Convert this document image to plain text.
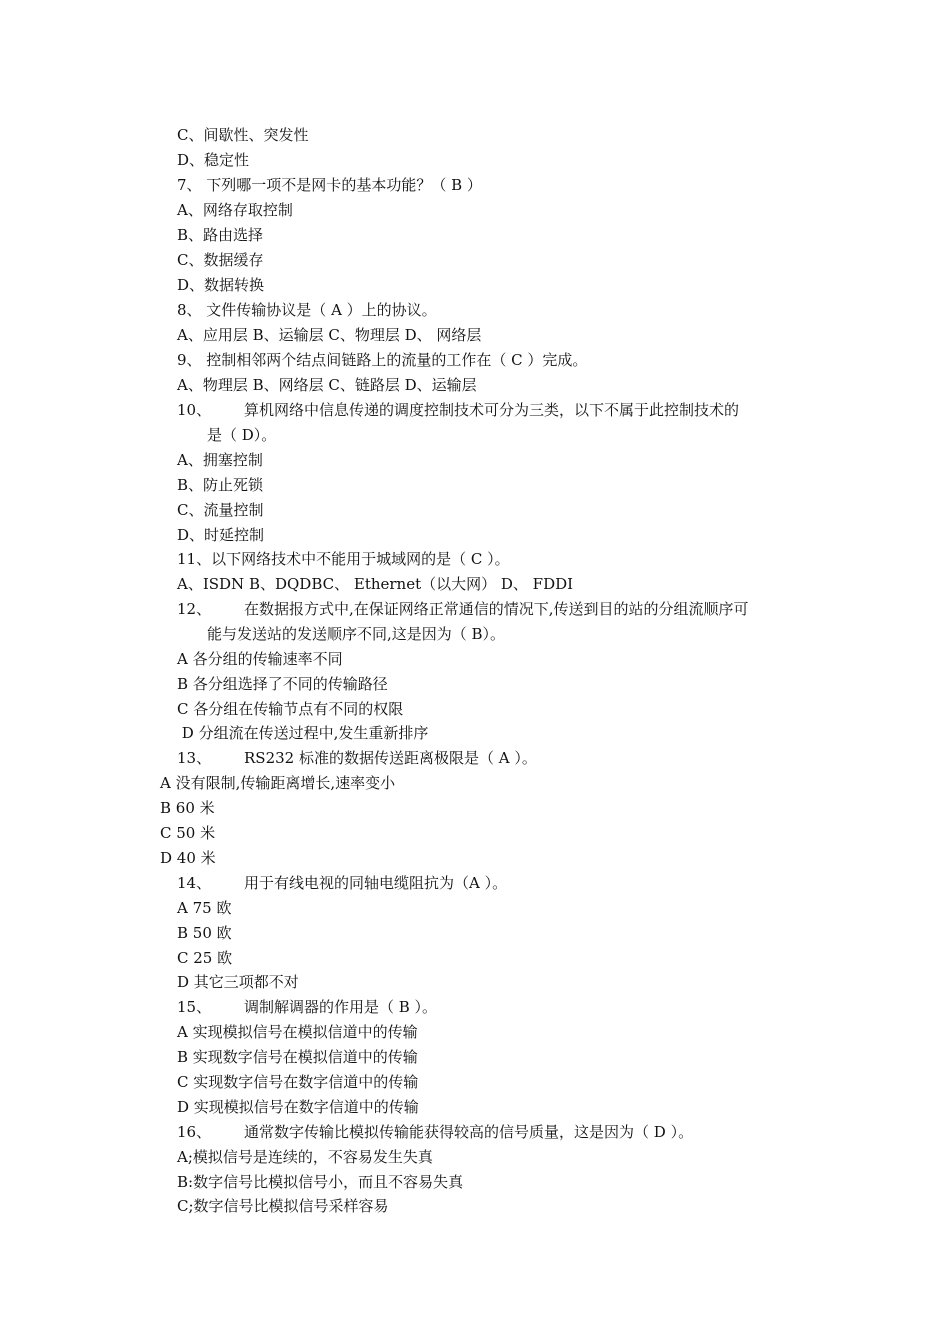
C、间歇性、突发性
D、稳定性
7、 下列哪一项不是网卡的基本功能？（ B ）
A、网络存取控制
B、路由选择
C、数据缓存
D、数据转换
8、 文件传输协议是（ A ）上的协议。
A、应用层 B、运输层 C、物理层 D、 网络层
9、 控制相邻两个结点间链路上的流量的工作在（ C ）完成。
A、物理层 B、网络层 C、链路层 D、运输层
10、 算机网络中信息传递的调度控制技术可分为三类，以下不属于此控制技术的
是（ D）。
A、拥塞控制
B、防止死锁
C、流量控制
D、时延控制
11、以下网络技术中不能用于城域网的是（ C ）。
A、ISDN B、DQDBC、 Ethernet（以大网） D、 FDDI
12、 在数据报方式中,在保证网络正常通信的情况下,传送到目的站的分组流顺序可
能与发送站的发送顺序不同,这是因为（ B）。
A 各分组的传输速率不同
B 各分组选择了不同的传输路径
C 各分组在传输节点有不同的权限
D 分组流在传送过程中,发生重新排序
13、 RS232 标准的数据传送距离极限是（ A ）。
A 没有限制,传输距离增长,速率变小
B 60 米
C 50 米
D 40 米
14、 用于有线电视的同轴电缆阻抗为（A ）。
A 75 欧
B 50 欧
C 25 欧
D 其它三项都不对
15、 调制解调器的作用是（ B ）。
A 实现模拟信号在模拟信道中的传输
B 实现数字信号在模拟信道中的传输
C 实现数字信号在数字信道中的传输
D 实现模拟信号在数字信道中的传输
16、 通常数字传输比模拟传输能获得较高的信号质量，这是因为（ D ）。
A;模拟信号是连续的，不容易发生失真
B:数字信号比模拟信号小，而且不容易失真
C;数字信号比模拟信号采样容易
